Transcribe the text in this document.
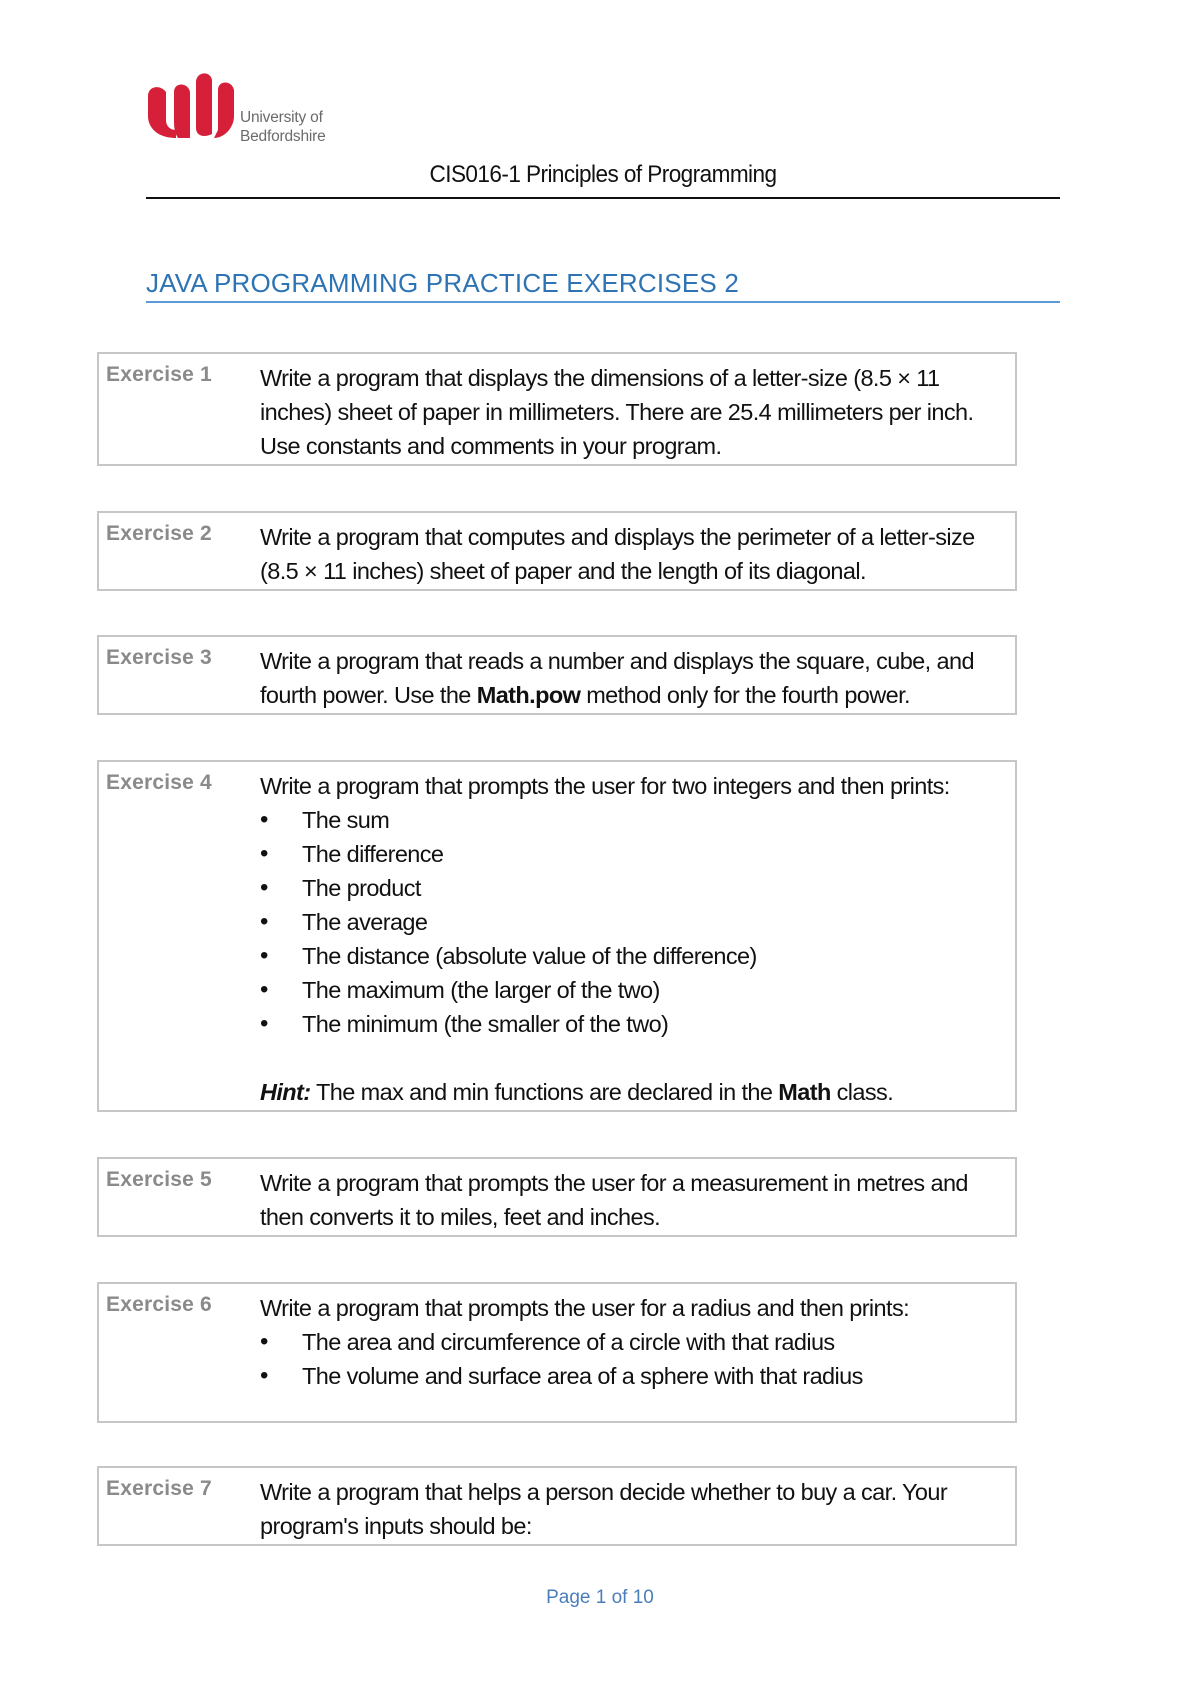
University of
Bedfordshire
CIS016-1 Principles of Programming
JAVA PROGRAMMING PRACTICE EXERCISES 2
Exercise 1 Write a program that displays the dimensions of a letter-size (8.5 × 11 inches) sheet of paper in millimeters. There are 25.4 millimeters per inch. Use constants and comments in your program.
Exercise 2 Write a program that computes and displays the perimeter of a letter-size (8.5 × 11 inches) sheet of paper and the length of its diagonal.
Exercise 3 Write a program that reads a number and displays the square, cube, and fourth power. Use the Math.pow method only for the fourth power.
Exercise 4 Write a program that prompts the user for two integers and then prints:
• The sum
• The difference
• The product
• The average
• The distance (absolute value of the difference)
• The maximum (the larger of the two)
• The minimum (the smaller of the two)
Hint: The max and min functions are declared in the Math class.
Exercise 5 Write a program that prompts the user for a measurement in metres and then converts it to miles, feet and inches.
Exercise 6 Write a program that prompts the user for a radius and then prints:
• The area and circumference of a circle with that radius
• The volume and surface area of a sphere with that radius
Exercise 7 Write a program that helps a person decide whether to buy a car. Your program's inputs should be:
Page 1 of 10
